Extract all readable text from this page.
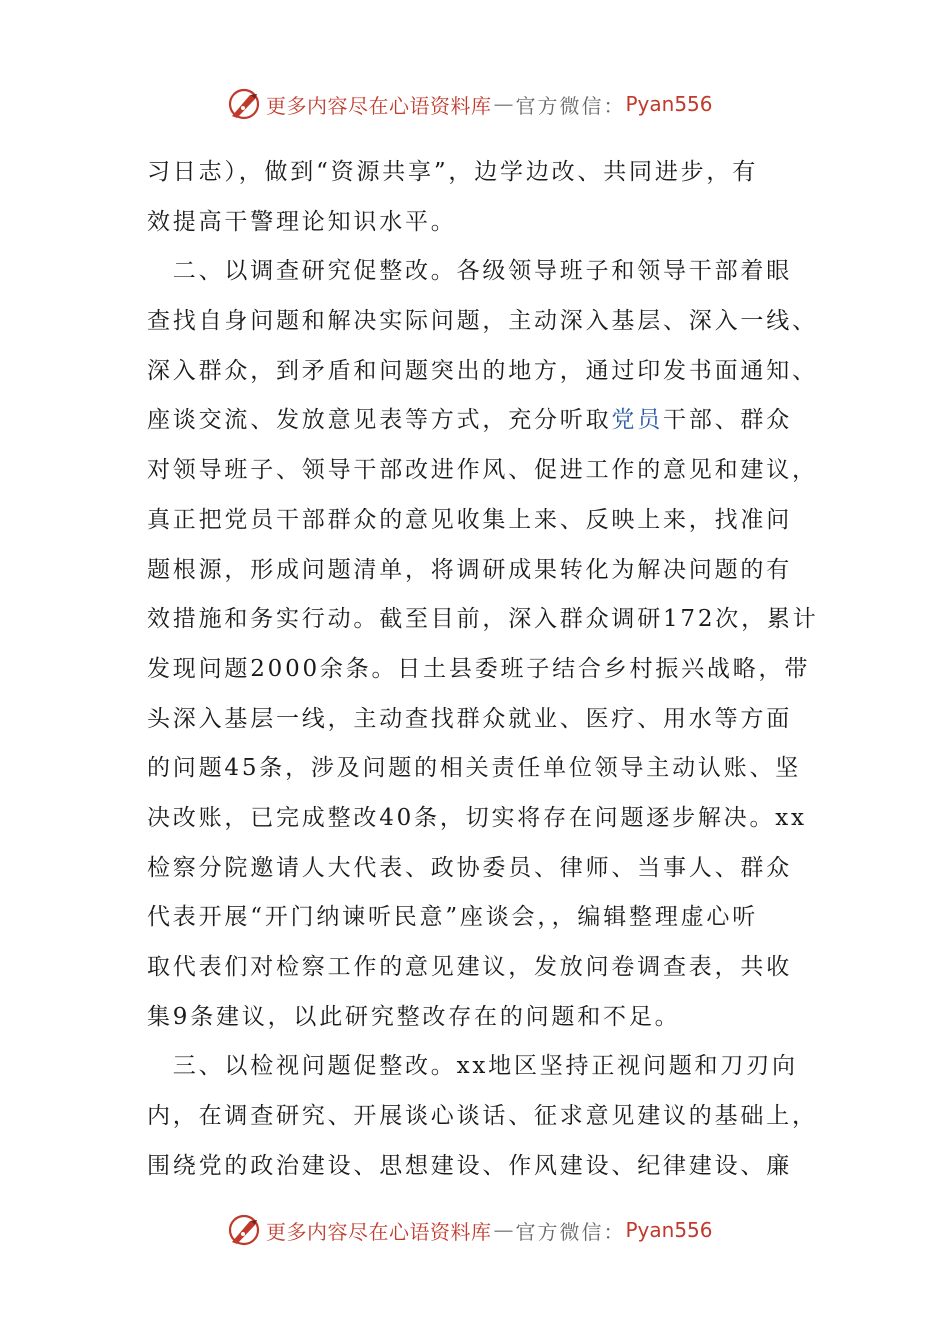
更多内容尽在心语资料库 — 官方微信： Pyan556
习日志），做到“资源共享”，边学边改、共同进步，有
效提高干警理论知识水平。
　二、以调查研究促整改。各级领导班子和领导干部着眼
查找自身问题和解决实际问题，主动深入基层、深入一线、
深入群众，到矛盾和问题突出的地方，通过印发书面通知、
座谈交流、发放意见表等方式，充分听取党员干部、群众
对领导班子、领导干部改进作风、促进工作的意见和建议，
真正把党员干部群众的意见收集上来、反映上来，找准问
题根源，形成问题清单，将调研成果转化为解决问题的有
效措施和务实行动。截至目前，深入群众调研172次，累计
发现问题2000余条。日土县委班子结合乡村振兴战略，带
头深入基层一线，主动查找群众就业、医疗、用水等方面
的问题45条，涉及问题的相关责任单位领导主动认账、坚
决改账，已完成整改40条，切实将存在问题逐步解决。xx
检察分院邀请人大代表、政协委员、律师、当事人、群众
代表开展“开门纳谏听民意”座谈会，，编辑整理虚心听
取代表们对检察工作的意见建议，发放问卷调查表，共收
集9条建议，以此研究整改存在的问题和不足。
　三、以检视问题促整改。xx地区坚持正视问题和刀刃向
内，在调查研究、开展谈心谈话、征求意见建议的基础上，
围绕党的政治建设、思想建设、作风建设、纪律建设、廉
更多内容尽在心语资料库 — 官方微信： Pyan556
